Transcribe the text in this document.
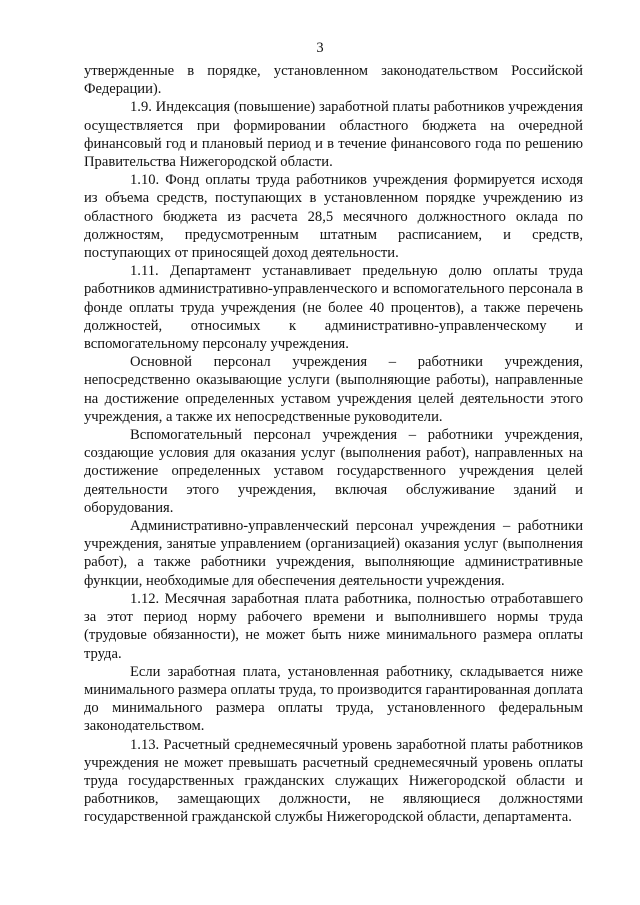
3

утвержденные в порядке, установленном законодательством Российской Федерации).

1.9. Индексация (повышение) заработной платы работников учреждения осуществляется при формировании областного бюджета на очередной финансовый год и плановый период и в течение финансового года по решению Правительства Нижегородской области.

1.10. Фонд оплаты труда работников учреждения формируется исходя из объема средств, поступающих в установленном порядке учреждению из областного бюджета из расчета 28,5 месячного должностного оклада по должностям, предусмотренным штатным расписанием, и средств, поступающих от приносящей доход деятельности.

1.11. Департамент устанавливает предельную долю оплаты труда работников административно-управленческого и вспомогательного персонала в фонде оплаты труда учреждения (не более 40 процентов), а также перечень должностей, относимых к административно-управленческому и вспомогательному персоналу учреждения.

Основной персонал учреждения – работники учреждения, непосредственно оказывающие услуги (выполняющие работы), направленные на достижение определенных уставом учреждения целей деятельности этого учреждения, а также их непосредственные руководители.

Вспомогательный персонал учреждения – работники учреждения, создающие условия для оказания услуг (выполнения работ), направленных на достижение определенных уставом государственного учреждения целей деятельности этого учреждения, включая обслуживание зданий и оборудования.

Административно-управленческий персонал учреждения – работники учреждения, занятые управлением (организацией) оказания услуг (выполнения работ), а также работники учреждения, выполняющие административные функции, необходимые для обеспечения деятельности учреждения.

1.12. Месячная заработная плата работника, полностью отработавшего за этот период норму рабочего времени и выполнившего нормы труда (трудовые обязанности), не может быть ниже минимального размера оплаты труда.

Если заработная плата, установленная работнику, складывается ниже минимального размера оплаты труда, то производится гарантированная доплата до минимального размера оплаты труда, установленного федеральным законодательством.

1.13. Расчетный среднемесячный уровень заработной платы работников учреждения не может превышать расчетный среднемесячный уровень оплаты труда государственных гражданских служащих Нижегородской области и работников, замещающих должности, не являющиеся должностями государственной гражданской службы Нижегородской области, департамента.
